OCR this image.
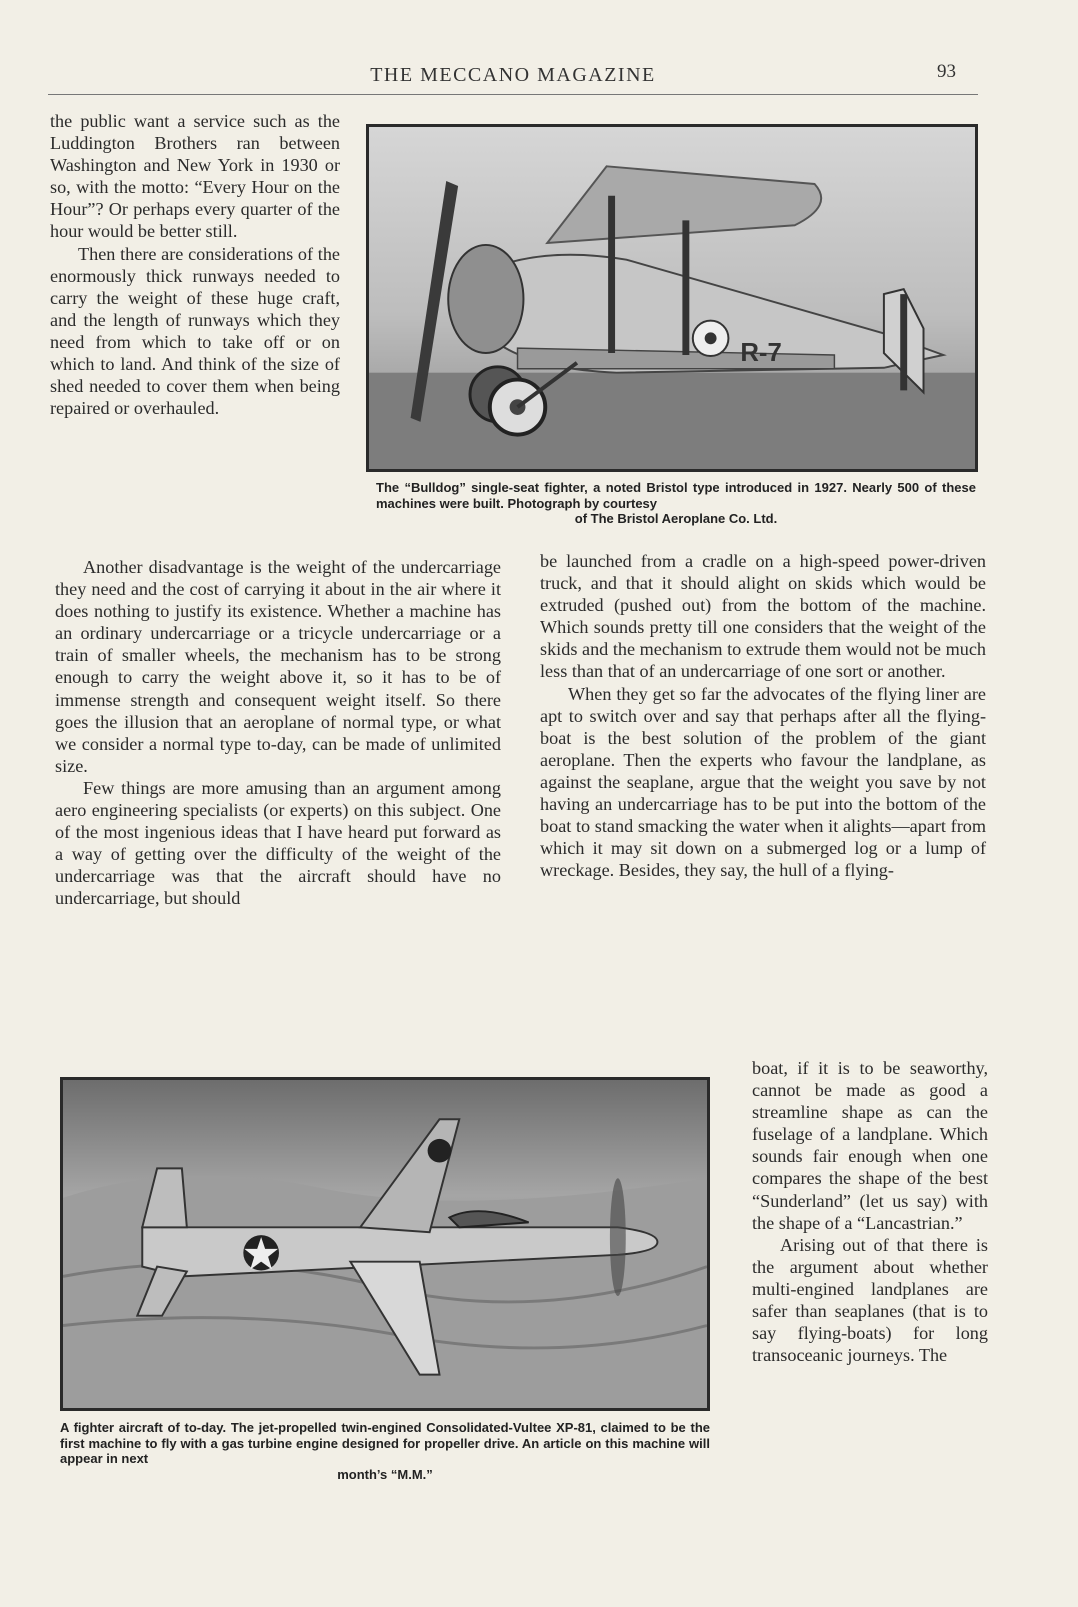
THE MECCANO MAGAZINE	93

the public want a service such as the Luddington Brothers ran between Washington and New York in 1930 or so, with the motto: “Every Hour on the Hour”? Or perhaps every quarter of the hour would be better still.

Then there are considerations of the enormously thick runways needed to carry the weight of these huge craft, and the length of runways which they need from which to take off or on which to land. And think of the size of shed needed to cover them when being repaired or overhauled.

R-7
The “Bulldog” single-seat fighter, a noted Bristol type introduced in 1927. Nearly 500 of these machines were built. Photograph by courtesy
of The Bristol Aeroplane Co. Ltd.

Another disadvantage is the weight of the undercarriage they need and the cost of carrying it about in the air where it does nothing to justify its existence. Whether a machine has an ordinary undercarriage or a tricycle undercarriage or a train of smaller wheels, the mechanism has to be strong enough to carry the weight above it, so it has to be of immense strength and consequent weight itself. So there goes the illusion that an aeroplane of normal type, or what we consider a normal type to-day, can be made of unlimited size.

Few things are more amusing than an argument among aero engineering specialists (or experts) on this subject. One of the most ingenious ideas that I have heard put forward as a way of getting over the difficulty of the weight of the undercarriage was that the aircraft should have no undercarriage, but should

be launched from a cradle on a high-speed power-driven truck, and that it should alight on skids which would be extruded (pushed out) from the bottom of the machine. Which sounds pretty till one considers that the weight of the skids and the mechanism to extrude them would not be much less than that of an undercarriage of one sort or another.

When they get so far the advocates of the flying liner are apt to switch over and say that perhaps after all the flying-boat is the best solution of the problem of the giant aeroplane. Then the experts who favour the landplane, as against the seaplane, argue that the weight you save by not having an undercarriage has to be put into the bottom of the boat to stand smacking the water when it alights—apart from which it may sit down on a submerged log or a lump of wreckage. Besides, they say, the hull of a flying-

A fighter aircraft of to-day. The jet-propelled twin-engined Consolidated-Vultee XP-81, claimed to be the first machine to fly with a gas turbine engine designed for propeller drive. An article on this machine will appear in next
month’s “M.M.”

boat, if it is to be seaworthy, cannot be made as good a streamline shape as can the fuselage of a landplane. Which sounds fair enough when one compares the shape of the best “Sunderland” (let us say) with the shape of a “Lancastrian.”

Arising out of that there is the argument about whether multi-engined landplanes are safer than seaplanes (that is to say flying-boats) for long transoceanic journeys. The
